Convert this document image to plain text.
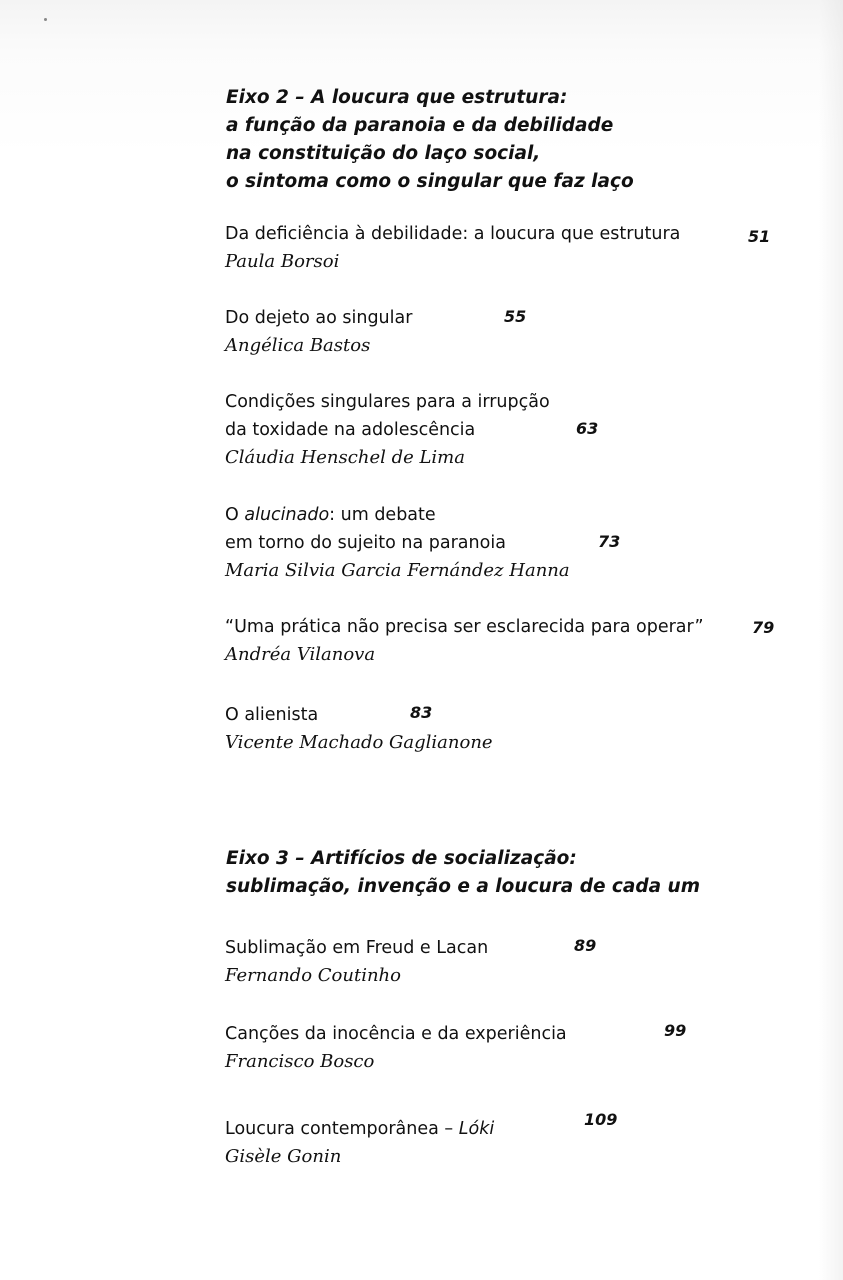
Eixo 2 – A loucura que estrutura:
a função da paranoia e da debilidade
na constituição do laço social,
o sintoma como o singular que faz laço
Da deficiência à debilidade: a loucura que estrutura
Paula Borsoi
51
Do dejeto ao singular
Angélica Bastos
55
Condições singulares para a irrupção
da toxidade na adolescência
Cláudia Henschel de Lima
63
O alucinado: um debate
em torno do sujeito na paranoia
Maria Silvia Garcia Fernández Hanna
73
“Uma prática não precisa ser esclarecida para operar”
Andréa Vilanova
79
O alienista
Vicente Machado Gaglianone
83
Eixo 3 – Artifícios de socialização:
sublimação, invenção e a loucura de cada um
Sublimação em Freud e Lacan
Fernando Coutinho
89
Canções da inocência e da experiência
Francisco Bosco
99
Loucura contemporânea – Lóki
Gisèle Gonin
109
